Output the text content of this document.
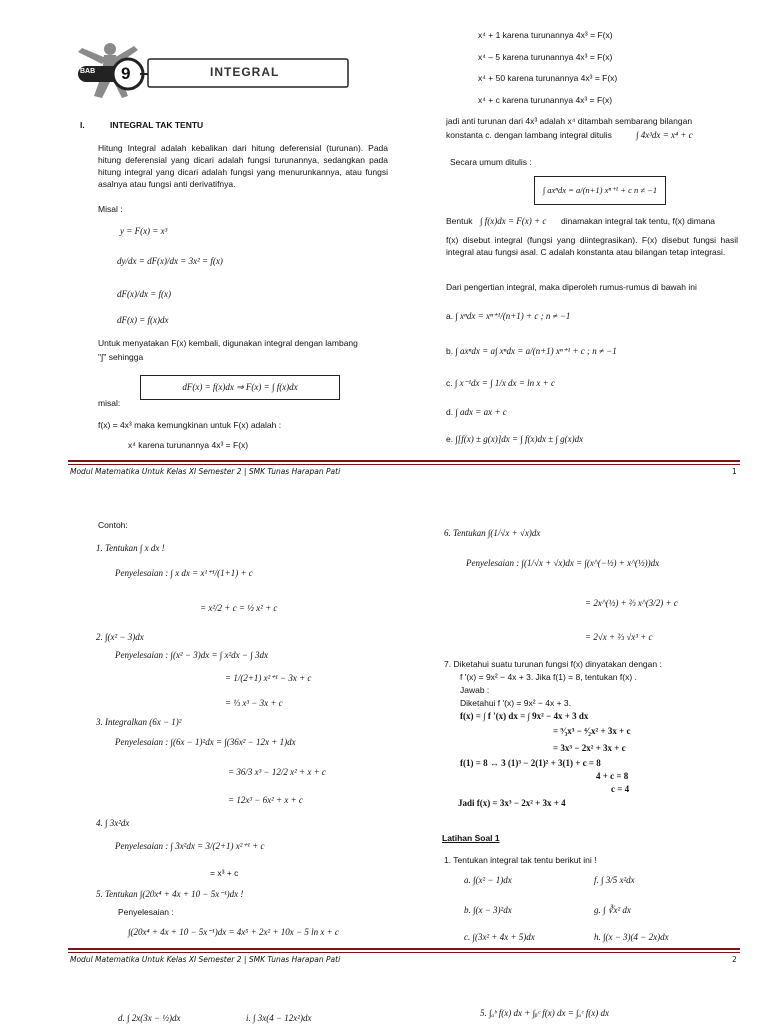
BAB 9	INTEGRAL
I.	INTEGRAL TAK TENTU
Hitung Integral adalah kebalikan dari hitung deferensial (turunan). Pada hitung deferensial yang dicari adalah fungsi turunannya, sedangkan pada hitung integral yang dicari adalah fungsi yang menurunkannya, atau fungsi asalnya atau fungsi anti derivatifnya.
Misal :
y = F(x) = x³
dy/dx = dF(x)/dx = 3x² = f(x)
dF(x)/dx = f(x)
dF(x) = f(x)dx
Untuk menyatakan F(x) kembali, digunakan integral dengan lambang
"∫" sehingga
dF(x) = f(x)dx ⇒ F(x) = ∫ f(x)dx
misal:
f(x) = 4x³ maka kemungkinan untuk F(x) adalah :
x⁴ karena turunannya 4x³ = F(x)
x⁴ + 1 karena turunannya 4x³ = F(x)
x⁴ – 5 karena turunannya 4x³ = F(x)
x⁴ + 50 karena turunannya 4x³ = F(x)
x⁴ + c karena turunannya 4x³ = F(x)
jadi anti turunan dari 4x³ adalah x⁴ ditambah sembarang bilangan
konstanta c. dengan lambang integral ditulis	∫ 4x³dx = x⁴ + c
Secara umum ditulis :
∫ axⁿdx = a/(n+1) xⁿ⁺¹ + c n ≠ −1
Bentuk ∫ f(x)dx = F(x) + c dinamakan integral tak tentu, f(x) dimana
f(x) disebut integral (fungsi yang diintegrasikan). F(x) disebut fungsi hasil integral atau fungsi asal. C adalah konstanta atau bilangan tetap integrasi.
Dari pengertian integral, maka diperoleh rumus-rumus di bawah ini
a. ∫ xⁿdx = xⁿ⁺¹/(n+1) + c ; n ≠ −1
b. ∫ axⁿdx = a∫ xⁿdx = a/(n+1) xⁿ⁺¹ + c ; n ≠ −1
c. ∫ x⁻¹dx = ∫ 1/x dx = ln x + c
d. ∫ adx = ax + c
e. ∫[f(x) ± g(x)]dx = ∫ f(x)dx ± ∫ g(x)dx
Modul Matematika Untuk Kelas XI Semester 2 | SMK Tunas Harapan Pati	1
Contoh:
1. Tentukan ∫ x dx !
Penyelesaian : ∫ x dx = x¹⁺¹/(1+1) + c
= x²/2 + c = ½ x² + c
2. ∫(x² − 3)dx
Penyelesaian : ∫(x² − 3)dx = ∫ x²dx − ∫ 3dx
= 1/(2+1) x²⁺¹ − 3x + c
= ⅓ x³ − 3x + c
3. Integralkan (6x − 1)²
Penyelesaian : ∫(6x − 1)²dx = ∫(36x² − 12x + 1)dx
= 36/3 x³ − 12/2 x² + x + c
= 12x³ − 6x² + x + c
4. ∫ 3x²dx
Penyelesaian : ∫ 3x²dx = 3/(2+1) x²⁺¹ + c
= x³ + c
5. Tentukan ∫(20x⁴ + 4x + 10 − 5x⁻¹)dx !
Penyelesaian :
∫(20x⁴ + 4x + 10 − 5x⁻¹)dx = 4x⁵ + 2x² + 10x − 5 ln x + c
6. Tentukan ∫(1/√x + √x)dx
Penyelesaian : ∫(1/√x + √x)dx = ∫(x^(−½) + x^(½))dx
= 2x^(½) + ⅔ x^(3/2) + c
= 2√x + ⅔ √x³ + c
7. Diketahui suatu turunan fungsi f(x) dinyatakan dengan :
f '(x) = 9x² − 4x + 3. Jika f(1) = 8, tentukan f(x) .
Jawab :
Diketahui f '(x) = 9x² − 4x + 3.
f(x) = ∫ f '(x) dx = ∫ 9x² − 4x + 3 dx
= ⁹⁄₃x³ − ⁴⁄₂x² + 3x + c
= 3x³ − 2x² + 3x + c
f(1) = 8 ↔ 3 (1)³ − 2(1)² + 3(1) + c = 8
4 + c = 8
c = 4
Jadi f(x) = 3x³ − 2x² + 3x + 4
Latihan Soal 1
1. Tentukan integral tak tentu berikut ini !
a. ∫(x² − 1)dx	f. ∫ 3/5 x²dx
b. ∫(x − 3)²dx	g. ∫ ∛x² dx
c. ∫(3x² + 4x + 5)dx	h. ∫(x − 3)(4 − 2x)dx
Modul Matematika Untuk Kelas XI Semester 2 | SMK Tunas Harapan Pati	2
d. ∫ 2x(3x − ½)dx	i. ∫ 3x(4 − 12x²)dx	5. ∫ₐᵇ f(x) dx + ∫ᵦᶜ f(x) dx = ∫ₐᶜ f(x) dx
